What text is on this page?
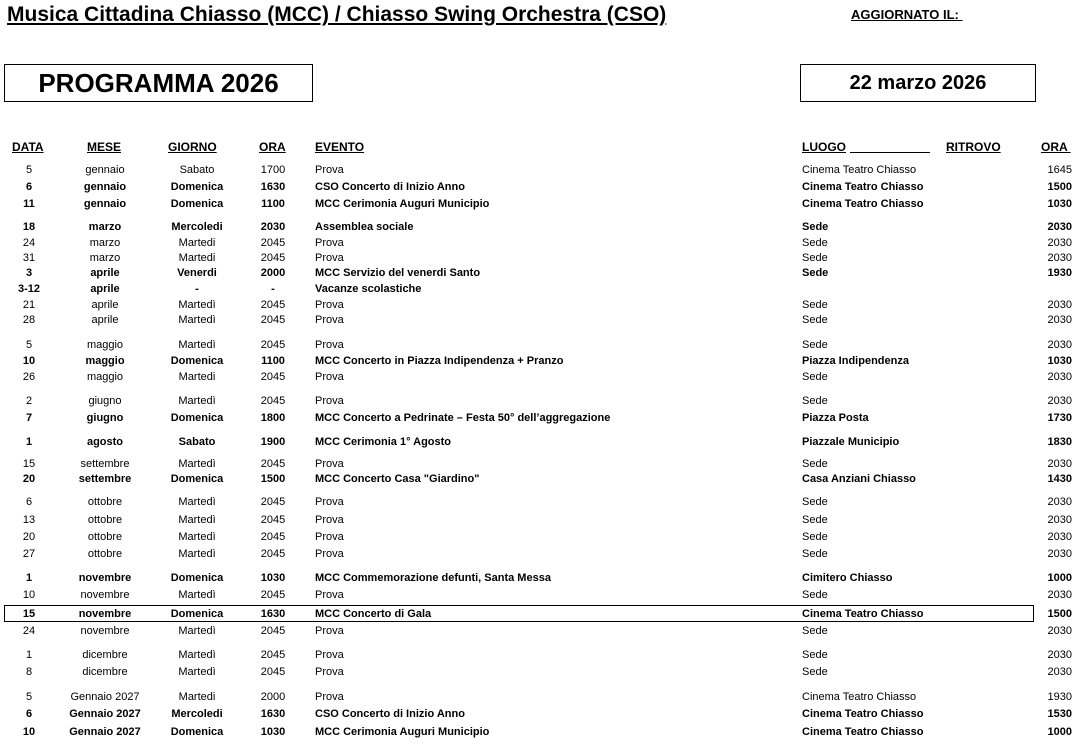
Musica Cittadina Chiasso (MCC) / Chiasso Swing Orchestra (CSO)	AGGIORNATO IL:
PROGRAMMA 2026	22 marzo 2026
DATA	MESE	GIORNO	ORA EVENTO	LUOGO	RITROVO	ORA
5	gennaio	Sabato	1700	Prova	Cinema Teatro Chiasso	1645
6	gennaio	Domenica	1630	CSO Concerto di Inizio Anno	Cinema Teatro Chiasso	1500
11	gennaio	Domenica	1100	MCC Cerimonia Auguri Municipio	Cinema Teatro Chiasso	1030
18	marzo	Mercoledi	2030	Assemblea sociale	Sede	2030
24	marzo	Martedi	2045	Prova	Sede	2030
31	marzo	Martedi	2045	Prova	Sede	2030
3	aprile	Venerdi	2000	MCC Servizio del venerdi Santo	Sede	1930
3-12	aprile	-	-	Vacanze scolastiche
21	aprile	Martedì	2045	Prova	Sede	2030
28	aprile	Martedì	2045	Prova	Sede	2030
5	maggio	Martedì	2045	Prova	Sede	2030
10	maggio	Domenica	1100	MCC Concerto in Piazza Indipendenza + Pranzo	Piazza Indipendenza	1030
26	maggio	Martedi	2045	Prova	Sede	2030
2	giugno	Martedì	2045	Prova	Sede	2030
7	giugno	Domenica	1800	MCC Concerto a Pedrinate – Festa 50° dell’aggregazione	Piazza Posta	1730
1	agosto	Sabato	1900	MCC Cerimonia 1° Agosto	Piazzale Municipio	1830
15	settembre	Martedì	2045	Prova	Sede	2030
20	settembre	Domenica	1500	MCC Concerto Casa "Giardino"	Casa Anziani Chiasso	1430
6	ottobre	Martedì	2045	Prova	Sede	2030
13	ottobre	Martedì	2045	Prova	Sede	2030
20	ottobre	Martedì	2045	Prova	Sede	2030
27	ottobre	Martedì	2045	Prova	Sede	2030
1	novembre	Domenica	1030	MCC Commemorazione defunti, Santa Messa	Cimitero Chiasso	1000
10	novembre	Martedì	2045	Prova	Sede	2030
15	novembre	Domenica	1630	MCC Concerto di Gala	Cinema Teatro Chiasso	1500
24	novembre	Martedì	2045	Prova	Sede	2030
1	dicembre	Martedì	2045	Prova	Sede	2030
8	dicembre	Martedì	2045	Prova	Sede	2030
5	Gennaio 2027	Martedi	2000	Prova	Cinema Teatro Chiasso	1930
6	Gennaio 2027	Mercoledi	1630	CSO Concerto di Inizio Anno	Cinema Teatro Chiasso	1530
10	Gennaio 2027	Domenica	1030	MCC Cerimonia Auguri Municipio	Cinema Teatro Chiasso	1000
